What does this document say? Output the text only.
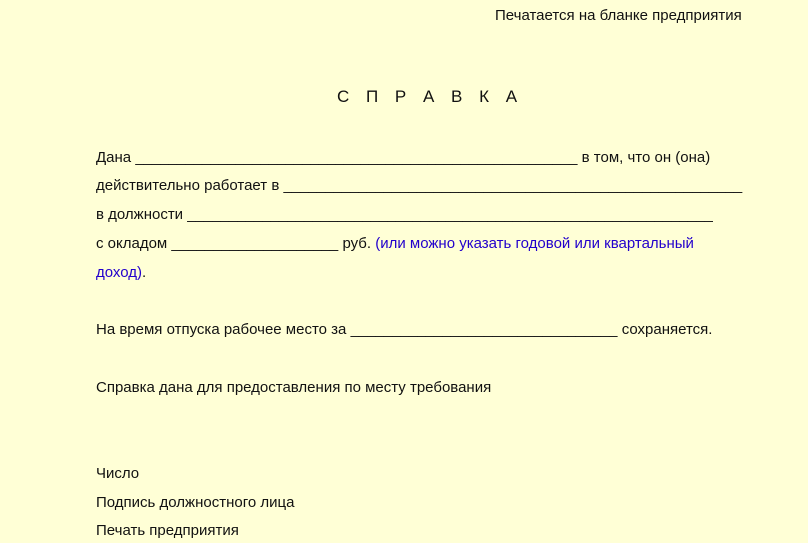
Печатается на бланке предприятия
С П Р А В К А
Дана _____________________________________________________ в том, что он (она)
действительно работает в _______________________________________________________
в должности _______________________________________________________________
с окладом ____________________ руб. (или можно указать годовой или квартальный
доход).
На время отпуска рабочее место за ________________________________ сохраняется.
Справка дана для предоставления по месту требования
Число
Подпись должностного лица
Печать предприятия
